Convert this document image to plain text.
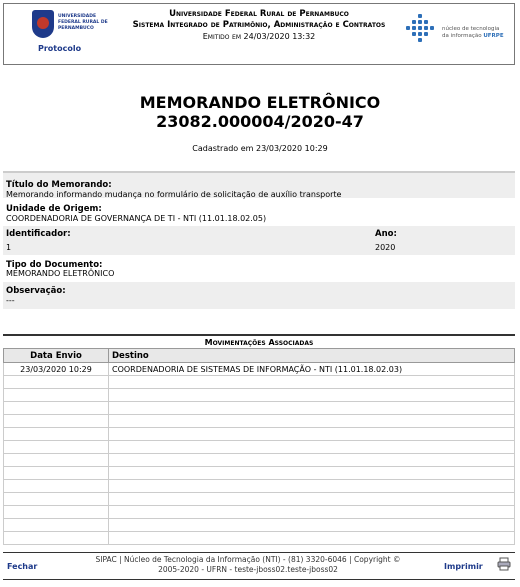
UNIVERSIDADE FEDERAL RURAL DE PERNAMBUCO
Protocolo
Universidade Federal Rural de Pernambuco
Sistema Integrado de Patrimônio, Administração e Contratos
Emitido em 24/03/2020 13:32
núcleo de tecnologia
da informação UFRPE
MEMORANDO ELETRÔNICO
23082.000004/2020-47
Cadastrado em 23/03/2020 10:29
Título do Memorando:
Memorando informando mudança no formulário de solicitação de auxílio transporte
Unidade de Origem:
COORDENADORIA DE GOVERNANÇA DE TI - NTI (11.01.18.02.05)
Identificador:
1
Ano:
2020
Tipo do Documento:
MEMORANDO ELETRÔNICO
Observação:
---
Movimentações Associadas
Data Envio	Destino
23/03/2020 10:29	COORDENADORIA DE SISTEMAS DE INFORMAÇÃO - NTI (11.01.18.02.03)

Fechar
SIPAC | Núcleo de Tecnologia da Informação (NTI) - (81) 3320-6046 | Copyright ©
2005-2020 - UFRN - teste-jboss02.teste-jboss02	Imprimir
